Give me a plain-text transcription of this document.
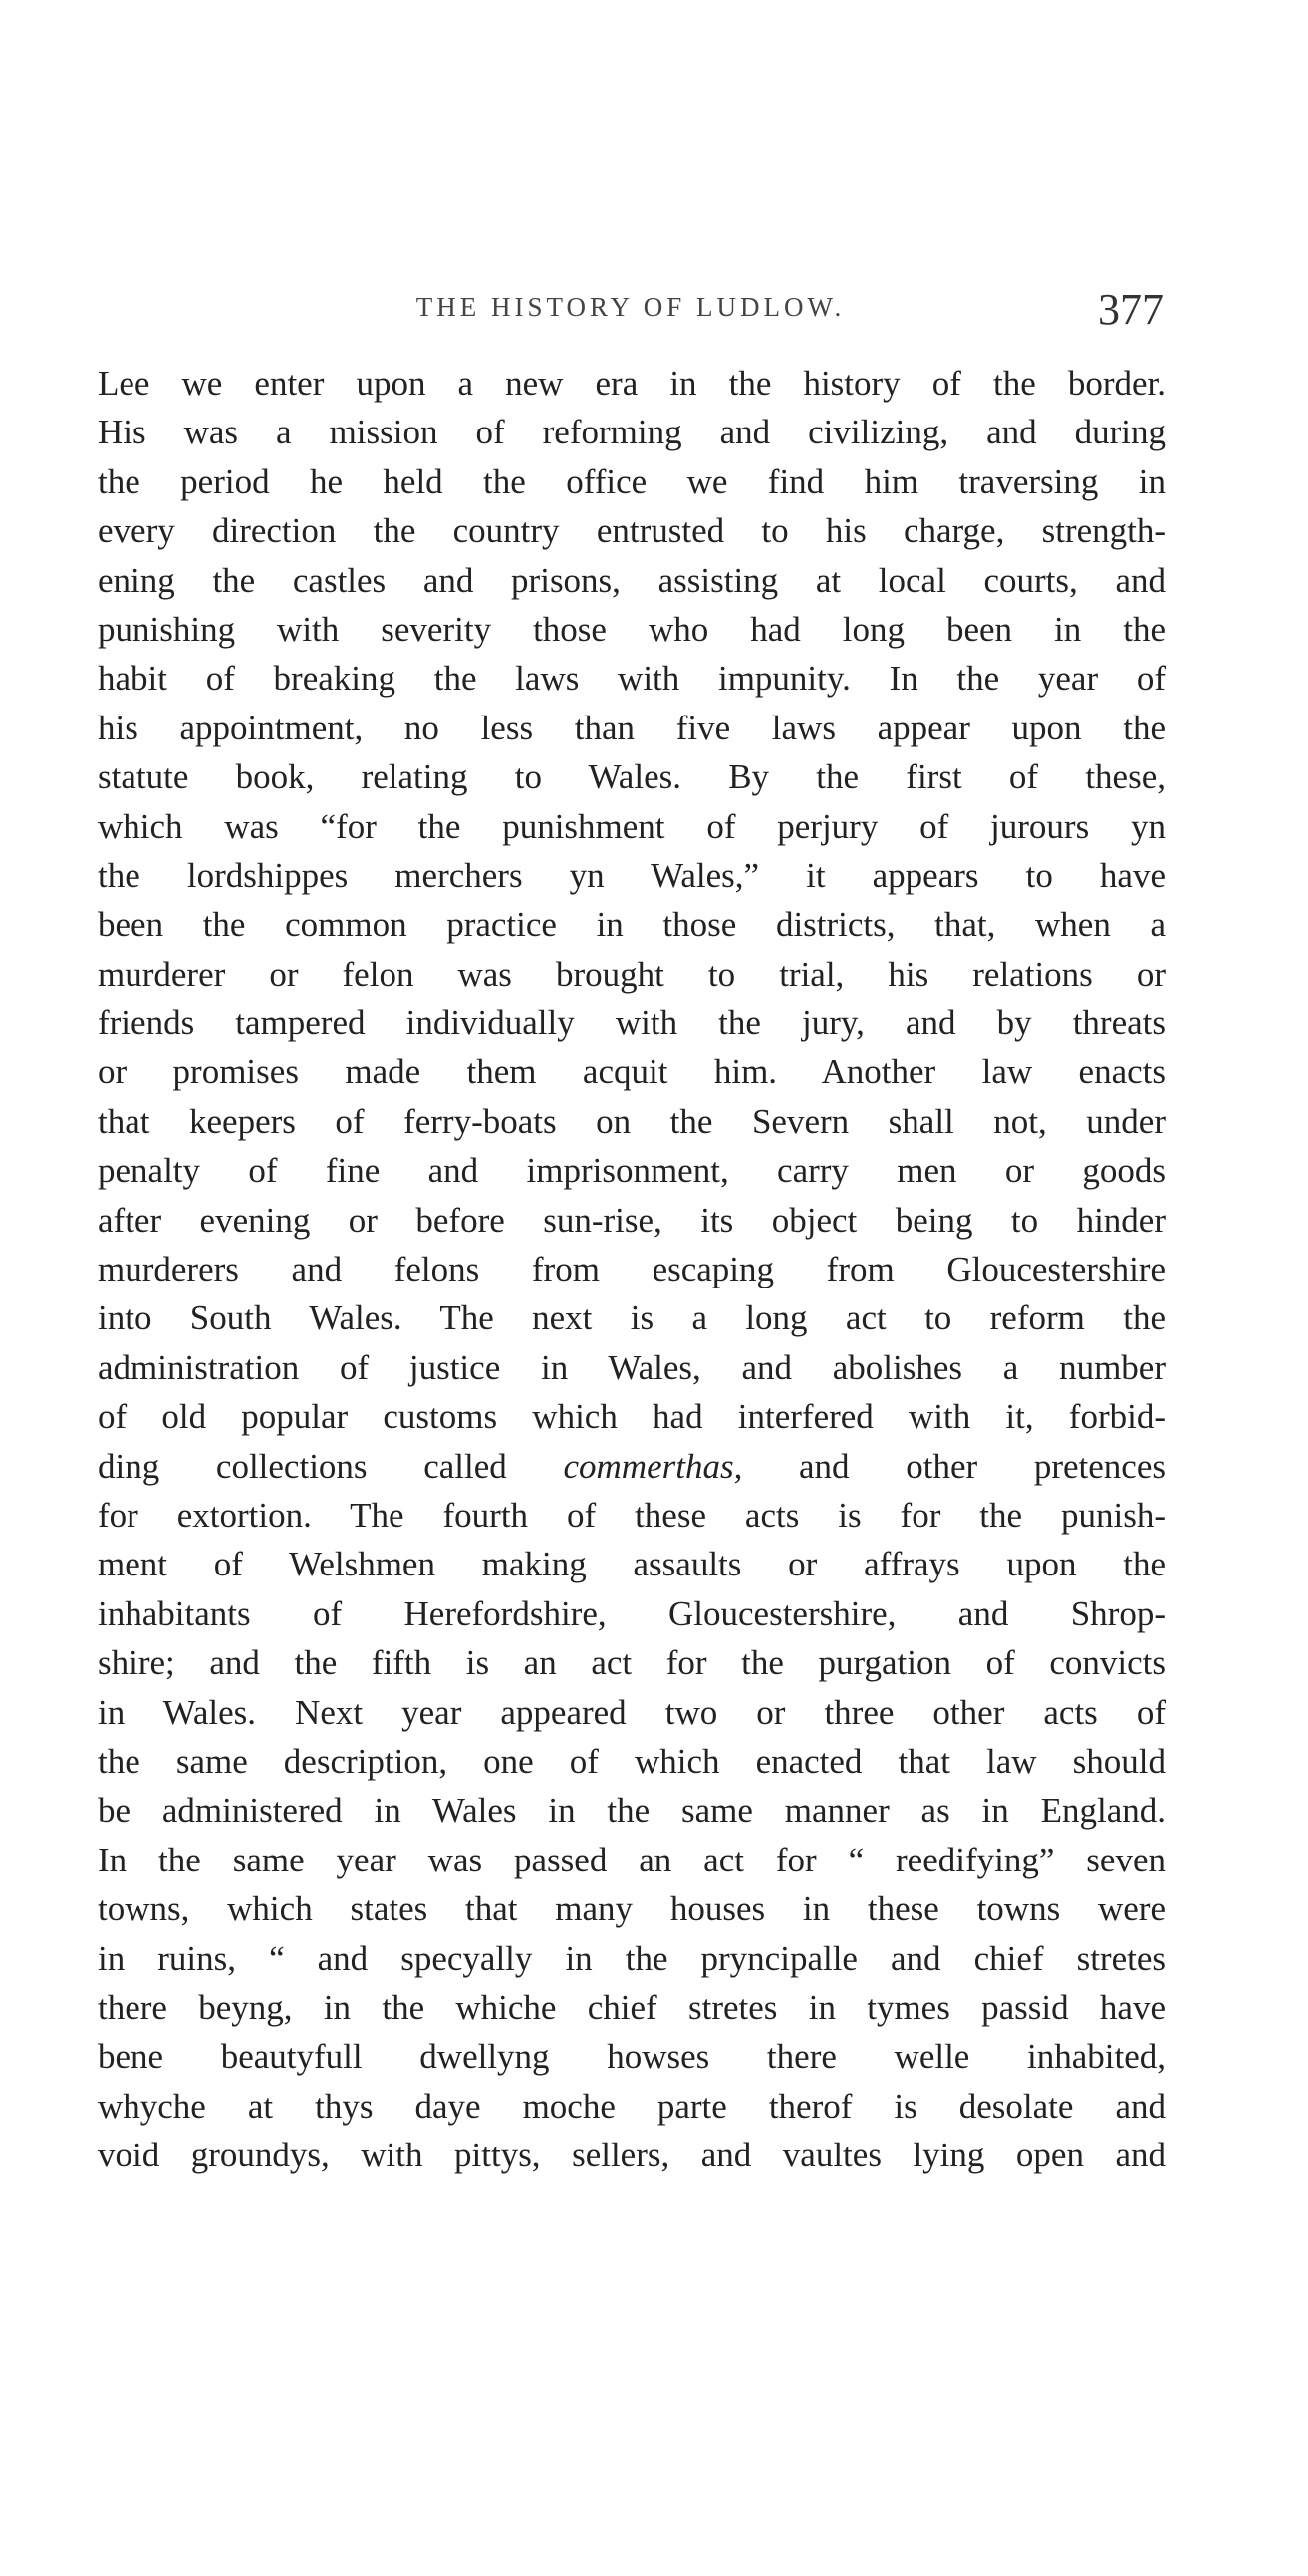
THE HISTORY OF LUDLOW.	377
Lee we enter upon a new era in the history of the border.
His was a mission of reforming and civilizing, and during
the period he held the office we find him traversing in
every direction the country entrusted to his charge, strength-
ening the castles and prisons, assisting at local courts, and
punishing with severity those who had long been in the
habit of breaking the laws with impunity. In the year of
his appointment, no less than five laws appear upon the
statute book, relating to Wales. By the first of these,
which was “for the punishment of perjury of jurours yn
the lordshippes merchers yn Wales,” it appears to have
been the common practice in those districts, that, when a
murderer or felon was brought to trial, his relations or
friends tampered individually with the jury, and by threats
or promises made them acquit him. Another law enacts
that keepers of ferry-boats on the Severn shall not, under
penalty of fine and imprisonment, carry men or goods
after evening or before sun-rise, its object being to hinder
murderers and felons from escaping from Gloucestershire
into South Wales. The next is a long act to reform the
administration of justice in Wales, and abolishes a number
of old popular customs which had interfered with it, forbid-
ding collections called commerthas, and other pretences
for extortion. The fourth of these acts is for the punish-
ment of Welshmen making assaults or affrays upon the
inhabitants of Herefordshire, Gloucestershire, and Shrop-
shire; and the fifth is an act for the purgation of convicts
in Wales. Next year appeared two or three other acts of
the same description, one of which enacted that law should
be administered in Wales in the same manner as in England.
In the same year was passed an act for “ reedifying” seven
towns, which states that many houses in these towns were
in ruins, “ and specyally in the pryncipalle and chief stretes
there beyng, in the whiche chief stretes in tymes passid have
bene beautyfull dwellyng howses there welle inhabited,
whyche at thys daye moche parte therof is desolate and
void groundys, with pittys, sellers, and vaultes lying open and
